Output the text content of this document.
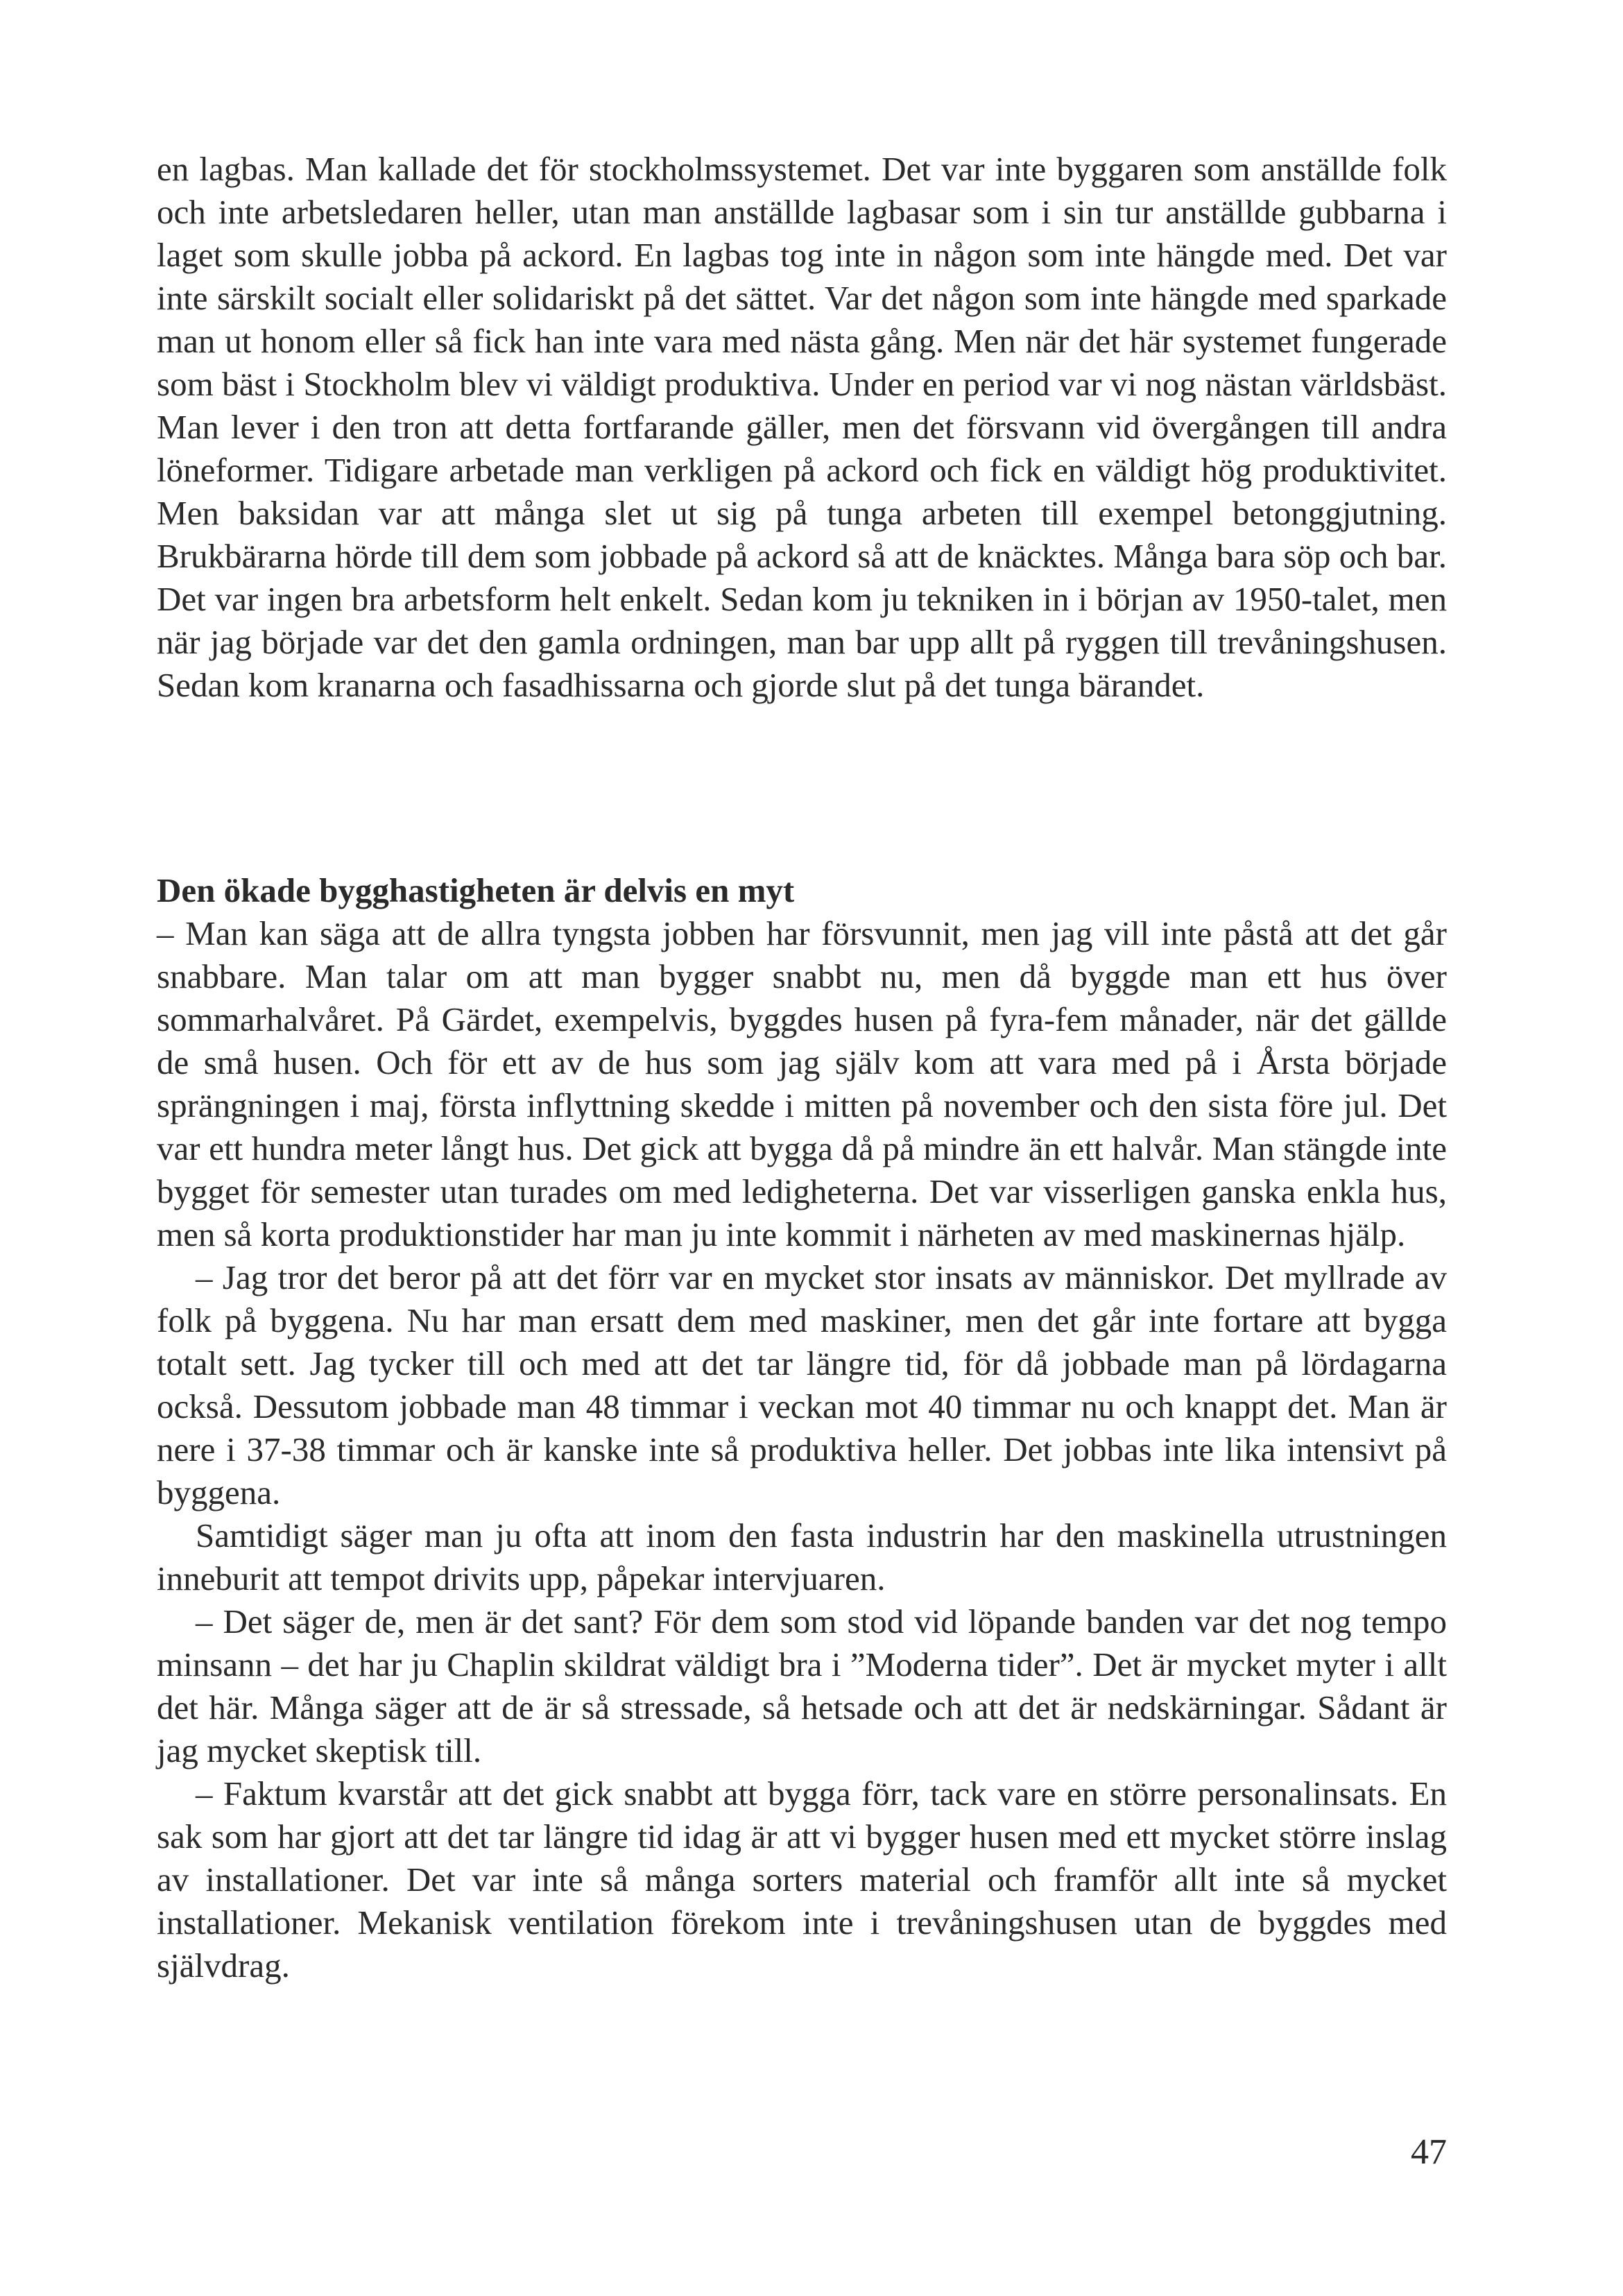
en lagbas. Man kallade det för stockholmssystemet. Det var inte byggaren som anställde folk och inte arbetsledaren heller, utan man anställde lagbasar som i sin tur anställde gubbarna i laget som skulle jobba på ackord. En lagbas tog inte in någon som inte hängde med. Det var inte särskilt socialt eller solidariskt på det sättet. Var det någon som inte hängde med sparkade man ut honom eller så fick han inte vara med nästa gång. Men när det här systemet fungerade som bäst i Stockholm blev vi väldigt produktiva. Under en period var vi nog nästan världsbäst. Man lever i den tron att detta fortfarande gäller, men det försvann vid övergången till andra löneformer. Tidigare arbetade man verkligen på ackord och fick en väldigt hög produktivitet. Men baksidan var att många slet ut sig på tunga arbeten till exempel betonggjutning. Brukbärarna hörde till dem som jobbade på ackord så att de knäcktes. Många bara söp och bar. Det var ingen bra arbetsform helt enkelt. Sedan kom ju tekniken in i början av 1950-talet, men när jag började var det den gamla ordningen, man bar upp allt på ryggen till trevåningshusen. Sedan kom kranarna och fasadhissarna och gjorde slut på det tunga bärandet.

Den ökade bygghastigheten är delvis en myt

– Man kan säga att de allra tyngsta jobben har försvunnit, men jag vill inte påstå att det går snabbare. Man talar om att man bygger snabbt nu, men då byggde man ett hus över sommarhalvåret. På Gärdet, exempelvis, byggdes husen på fyra-fem månader, när det gällde de små husen. Och för ett av de hus som jag själv kom att vara med på i Årsta började sprängningen i maj, första inflyttning skedde i mitten på november och den sista före jul. Det var ett hundra meter långt hus. Det gick att bygga då på mindre än ett halvår. Man stängde inte bygget för semester utan turades om med ledigheterna. Det var visserligen ganska enkla hus, men så korta produktionstider har man ju inte kommit i närheten av med maskinernas hjälp.

– Jag tror det beror på att det förr var en mycket stor insats av människor. Det myllrade av folk på byggena. Nu har man ersatt dem med maskiner, men det går inte fortare att bygga totalt sett. Jag tycker till och med att det tar längre tid, för då jobbade man på lördagarna också. Dessutom jobbade man 48 timmar i veckan mot 40 timmar nu och knappt det. Man är nere i 37-38 timmar och är kanske inte så produktiva heller. Det jobbas inte lika intensivt på byggena.

Samtidigt säger man ju ofta att inom den fasta industrin har den maskinella utrustningen inneburit att tempot drivits upp, påpekar intervjuaren.

– Det säger de, men är det sant? För dem som stod vid löpande banden var det nog tempo minsann – det har ju Chaplin skildrat väldigt bra i ”Moderna tider”. Det är mycket myter i allt det här. Många säger att de är så stressade, så hetsade och att det är nedskärningar. Sådant är jag mycket skeptisk till.

– Faktum kvarstår att det gick snabbt att bygga förr, tack vare en större personalinsats. En sak som har gjort att det tar längre tid idag är att vi bygger husen med ett mycket större inslag av installationer. Det var inte så många sorters material och framför allt inte så mycket installationer. Mekanisk ventilation förekom inte i trevåningshusen utan de byggdes med självdrag.

47
